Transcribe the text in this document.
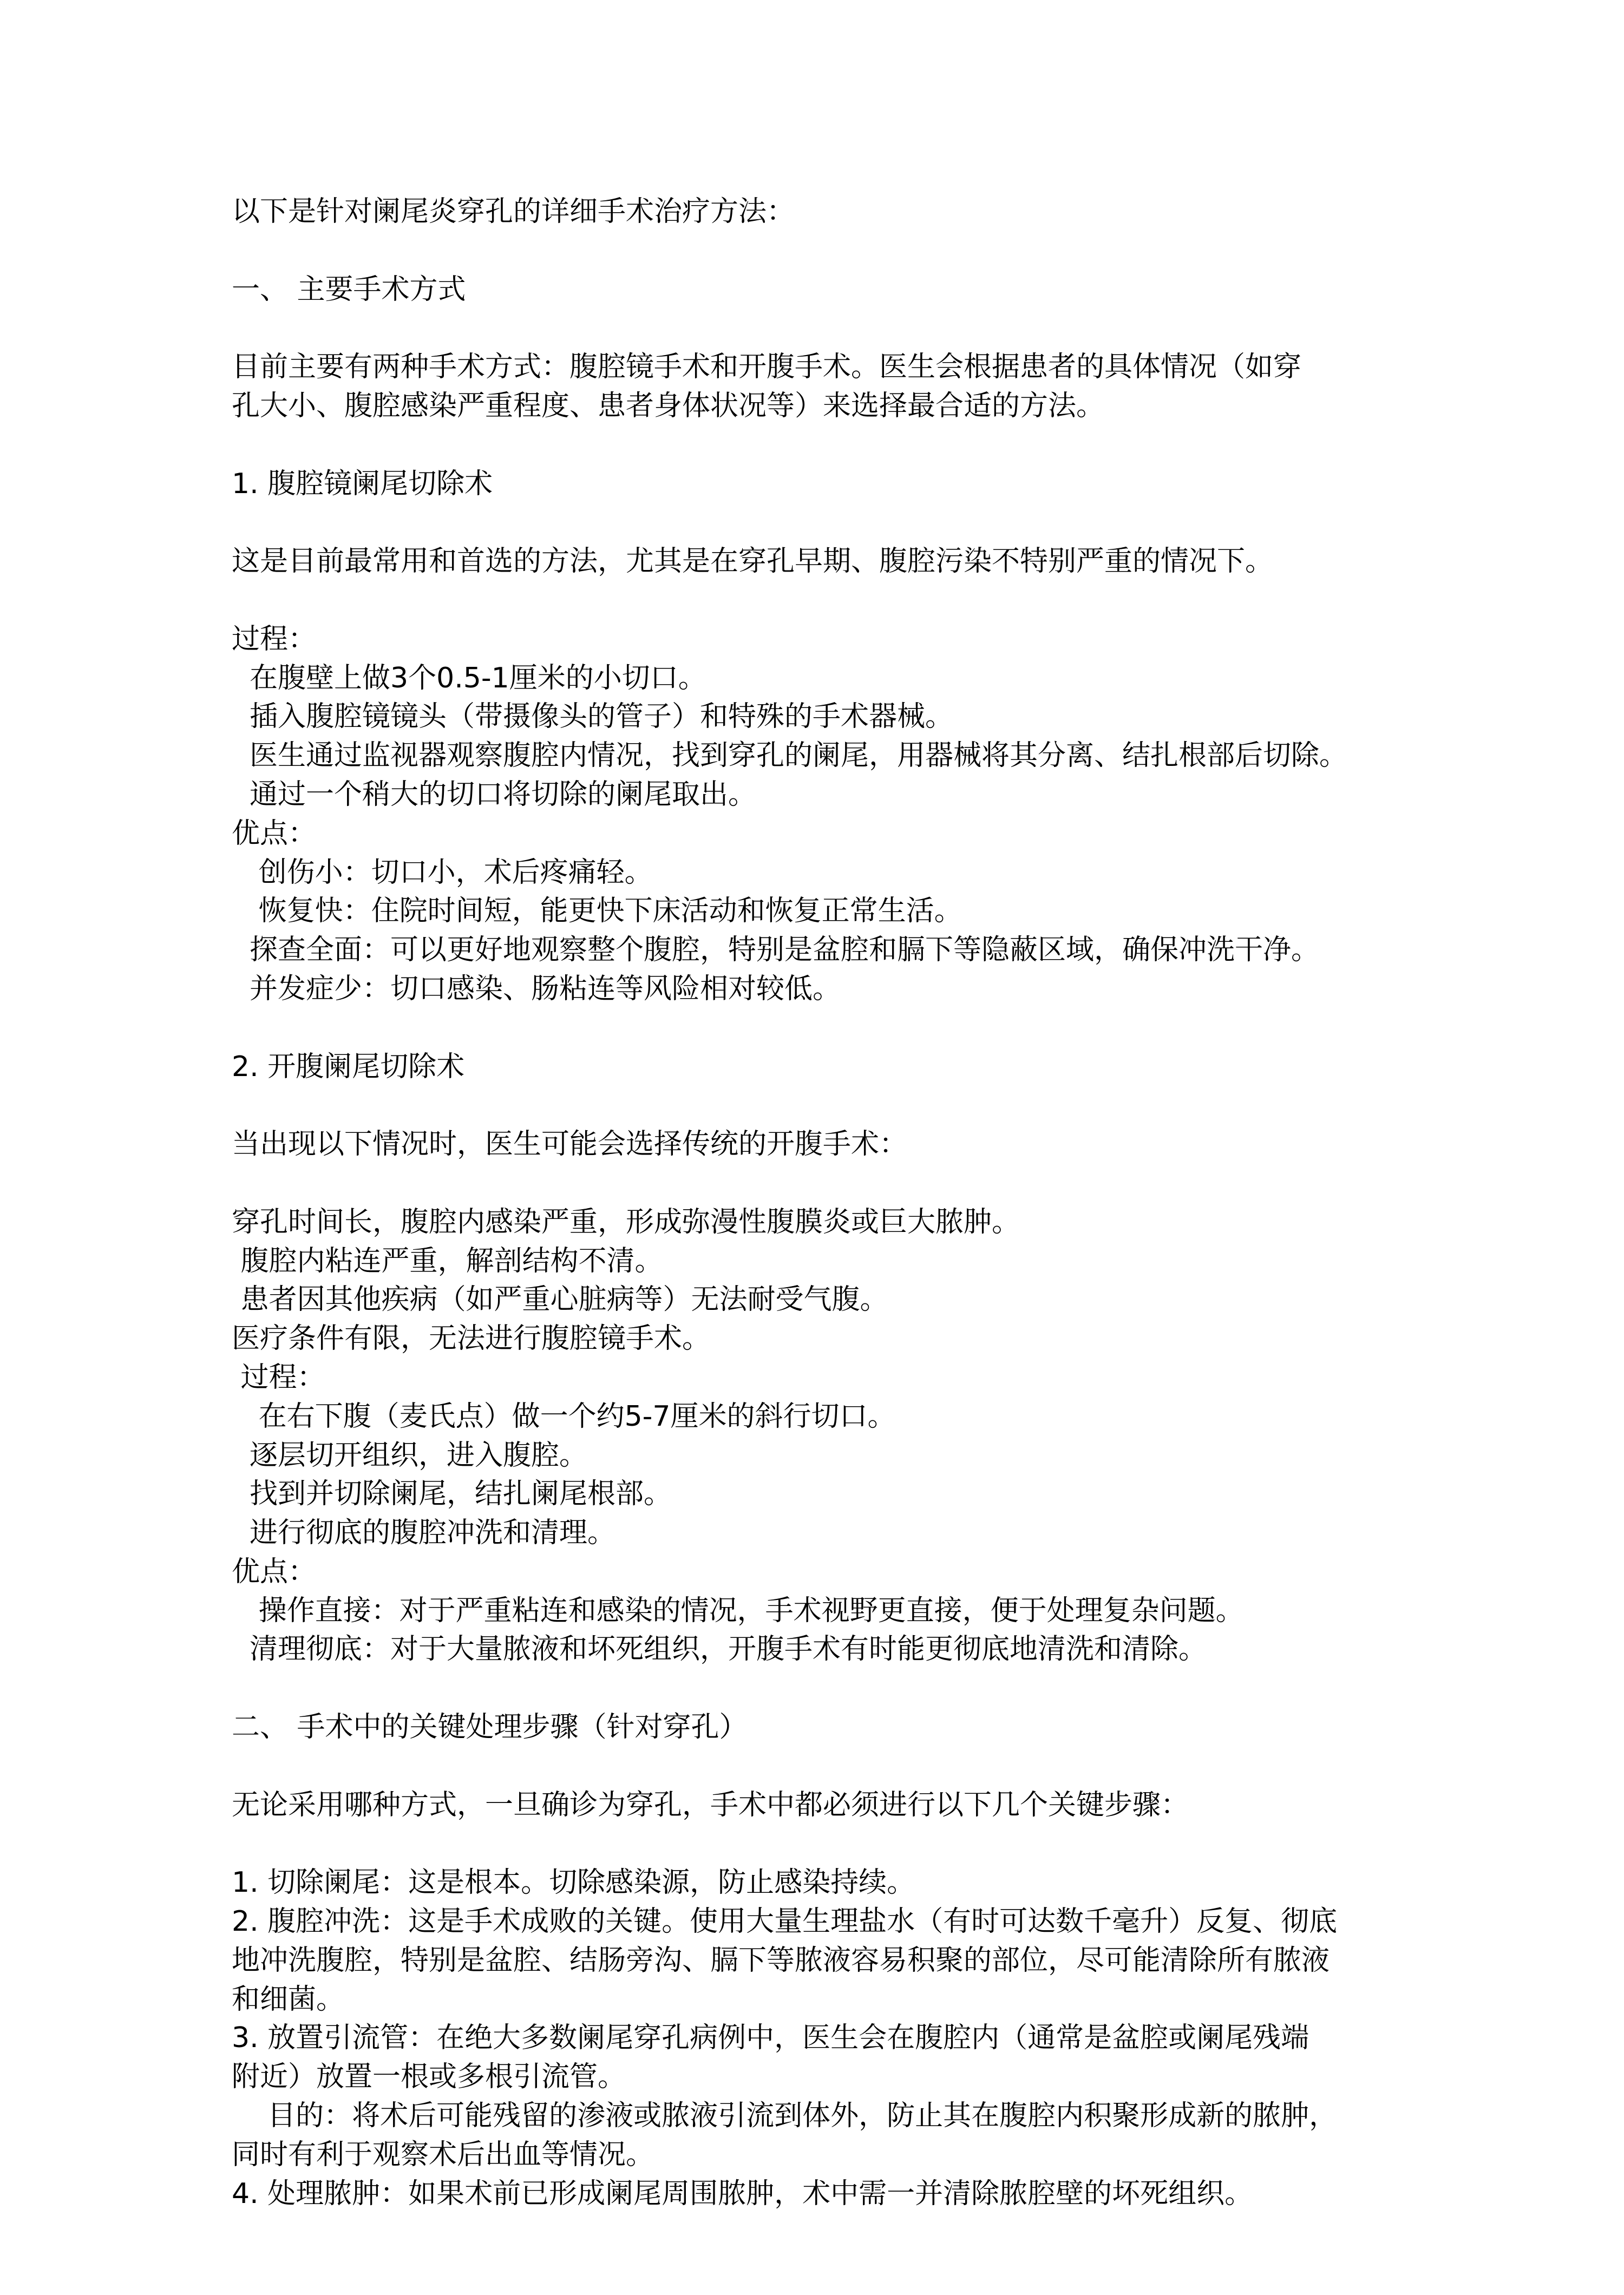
以下是针对阑尾炎穿孔的详细手术治疗方法：
一、 主要手术方式
目前主要有两种手术方式：腹腔镜手术和开腹手术。医生会根据患者的具体情况（如穿
孔大小、腹腔感染严重程度、患者身体状况等）来选择最合适的方法。
1. 腹腔镜阑尾切除术
这是目前最常用和首选的方法，尤其是在穿孔早期、腹腔污染不特别严重的情况下。
过程：
在腹壁上做3个0.5-1厘米的小切口。
插入腹腔镜镜头（带摄像头的管子）和特殊的手术器械。
医生通过监视器观察腹腔内情况，找到穿孔的阑尾，用器械将其分离、结扎根部后切除。
通过一个稍大的切口将切除的阑尾取出。
优点：
创伤小：切口小，术后疼痛轻。
恢复快：住院时间短，能更快下床活动和恢复正常生活。
探查全面：可以更好地观察整个腹腔，特别是盆腔和膈下等隐蔽区域，确保冲洗干净。
并发症少：切口感染、肠粘连等风险相对较低。
2. 开腹阑尾切除术
当出现以下情况时，医生可能会选择传统的开腹手术：
穿孔时间长，腹腔内感染严重，形成弥漫性腹膜炎或巨大脓肿。
腹腔内粘连严重，解剖结构不清。
患者因其他疾病（如严重心脏病等）无法耐受气腹。
医疗条件有限，无法进行腹腔镜手术。
过程：
在右下腹（麦氏点）做一个约5-7厘米的斜行切口。
逐层切开组织，进入腹腔。
找到并切除阑尾，结扎阑尾根部。
进行彻底的腹腔冲洗和清理。
优点：
操作直接：对于严重粘连和感染的情况，手术视野更直接，便于处理复杂问题。
清理彻底：对于大量脓液和坏死组织，开腹手术有时能更彻底地清洗和清除。
二、 手术中的关键处理步骤（针对穿孔）
无论采用哪种方式，一旦确诊为穿孔，手术中都必须进行以下几个关键步骤：
1. 切除阑尾：这是根本。切除感染源，防止感染持续。
2. 腹腔冲洗：这是手术成败的关键。使用大量生理盐水（有时可达数千毫升）反复、彻底
地冲洗腹腔，特别是盆腔、结肠旁沟、膈下等脓液容易积聚的部位，尽可能清除所有脓液
和细菌。
3. 放置引流管：在绝大多数阑尾穿孔病例中，医生会在腹腔内（通常是盆腔或阑尾残端
附近）放置一根或多根引流管。
目的：将术后可能残留的渗液或脓液引流到体外，防止其在腹腔内积聚形成新的脓肿，
同时有利于观察术后出血等情况。
4. 处理脓肿：如果术前已形成阑尾周围脓肿，术中需一并清除脓腔壁的坏死组织。
